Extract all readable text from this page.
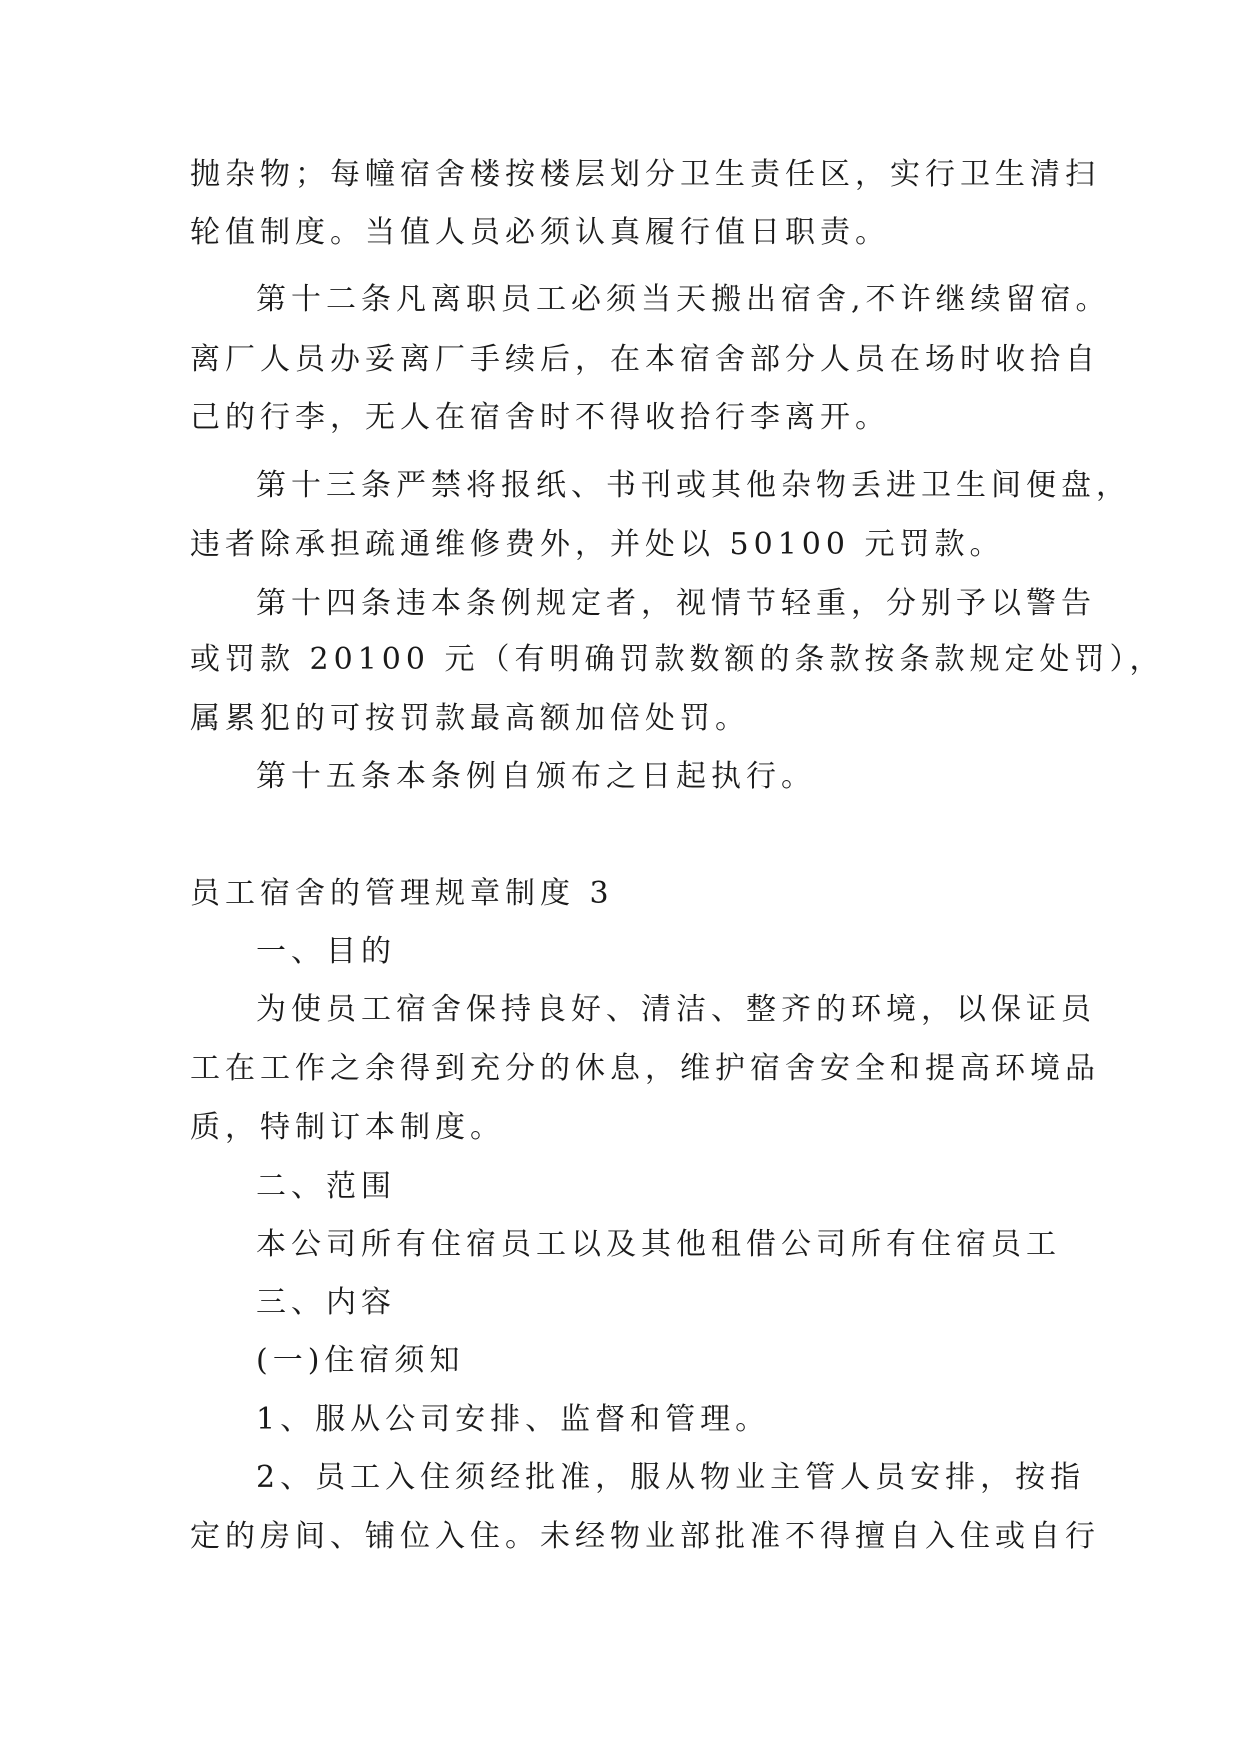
抛杂物；每幢宿舍楼按楼层划分卫生责任区，实行卫生清扫
轮值制度。当值人员必须认真履行值日职责。
第十二条凡离职员工必须当天搬出宿舍,不许继续留宿。
离厂人员办妥离厂手续后，在本宿舍部分人员在场时收拾自
己的行李，无人在宿舍时不得收拾行李离开。
第十三条严禁将报纸、书刊或其他杂物丢进卫生间便盘，
违者除承担疏通维修费外，并处以 50100 元罚款。
第十四条违本条例规定者，视情节轻重，分别予以警告
或罚款 20100 元（有明确罚款数额的条款按条款规定处罚），
属累犯的可按罚款最高额加倍处罚。
第十五条本条例自颁布之日起执行。
员工宿舍的管理规章制度 3
一、目的
为使员工宿舍保持良好、清洁、整齐的环境，以保证员
工在工作之余得到充分的休息，维护宿舍安全和提高环境品
质，特制订本制度。
二、范围
本公司所有住宿员工以及其他租借公司所有住宿员工
三、内容
(一)住宿须知
1、服从公司安排、监督和管理。
2、员工入住须经批准，服从物业主管人员安排，按指
定的房间、铺位入住。未经物业部批准不得擅自入住或自行
